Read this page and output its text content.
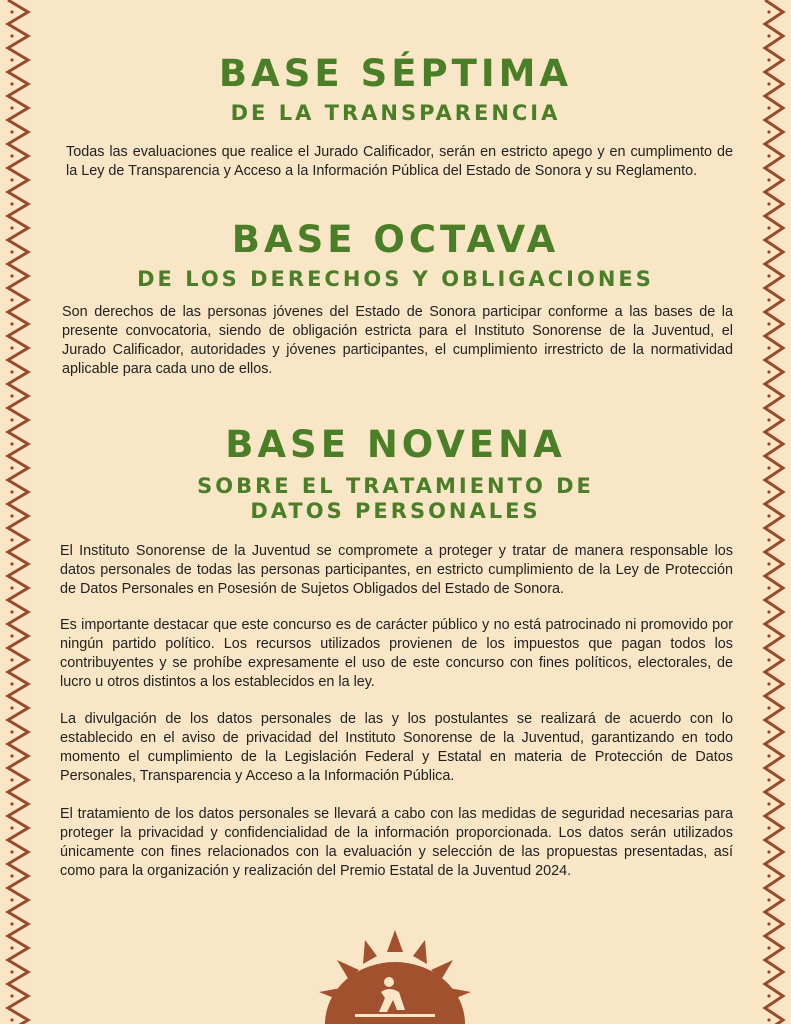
BASE SÉPTIMA
DE LA TRANSPARENCIA

Todas las evaluaciones que realice el Jurado Calificador, serán en estricto apego y en cumplimento de la Ley de Transparencia y Acceso a la Información Pública del Estado de Sonora y su Reglamento.

BASE OCTAVA
DE LOS DERECHOS Y OBLIGACIONES

Son derechos de las personas jóvenes del Estado de Sonora participar conforme a las bases de la presente convocatoria, siendo de obligación estricta para el Instituto Sonorense de la Juventud, el Jurado Calificador, autoridades y jóvenes participantes, el cumplimiento irrestricto de la normatividad aplicable para cada uno de ellos.

BASE NOVENA
SOBRE EL TRATAMIENTO DE
DATOS PERSONALES

El Instituto Sonorense de la Juventud se compromete a proteger y tratar de manera responsable los datos personales de todas las personas participantes, en estricto cumplimiento de la Ley de Protección de Datos Personales en Posesión de Sujetos Obligados del Estado de Sonora.

Es importante destacar que este concurso es de carácter público y no está patrocinado ni promovido por ningún partido político. Los recursos utilizados provienen de los impuestos que pagan todos los contribuyentes y se prohíbe expresamente el uso de este concurso con fines políticos, electorales, de lucro u otros distintos a los establecidos en la ley.

La divulgación de los datos personales de las y los postulantes se realizará de acuerdo con lo establecido en el aviso de privacidad del Instituto Sonorense de la Juventud, garantizando en todo momento el cumplimiento de la Legislación Federal y Estatal en materia de Protección de Datos Personales, Transparencia y Acceso a la Información Pública.

El tratamiento de los datos personales se llevará a cabo con las medidas de seguridad necesarias para proteger la privacidad y confidencialidad de la información proporcionada. Los datos serán utilizados únicamente con fines relacionados con la evaluación y selección de las propuestas presentadas, así como para la organización y realización del Premio Estatal de la Juventud 2024.
